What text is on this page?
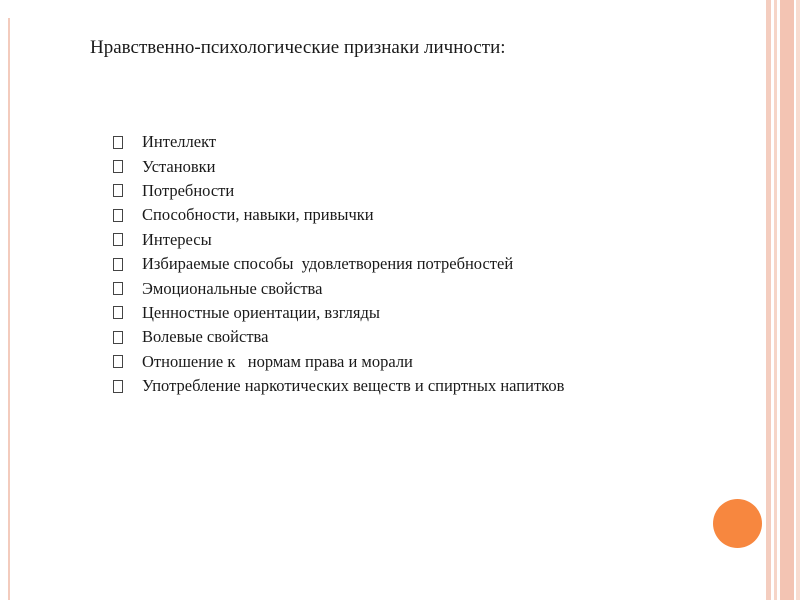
Нравственно-психологические признаки личности:
Интеллект
Установки
Потребности
Способности, навыки, привычки
Интересы
Избираемые способы  удовлетворения потребностей
Эмоциональные свойства
Ценностные ориентации, взгляды
Волевые свойства
Отношение к   нормам права и морали
Употребление наркотических веществ и спиртных напитков
